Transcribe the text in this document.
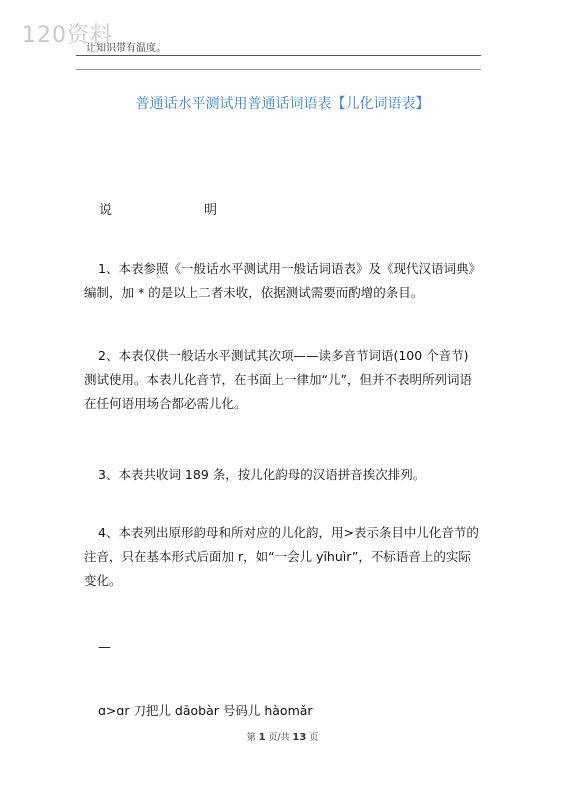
120资料
让知识带有温度。
普通话水平测试用普通话词语表【儿化词语表】
说	明
1、本表参照《一般话水平测试用一般话词语表》及《现代汉语词典》编制，加 * 的是以上二者未收，依据测试需要而酌增的条目。
2、本表仅供一般话水平测试其次项——读多音节词语(100 个音节)测试使用。本表儿化音节，在书面上一律加“儿”，但并不表明所列词语在任何语用场合都必需儿化。
3、本表共收词 189 条，按儿化韵母的汉语拼音挨次排列。
4、本表列出原形韵母和所对应的儿化韵，用>表示条目中儿化音节的注音，只在基本形式后面加 r，如“一会儿 yīhuìr”，不标语音上的实际变化。
—
ɑ>ɑr 刀把儿 dāobàr 号码儿 hàomǎr
第 1 页/共 13 页
